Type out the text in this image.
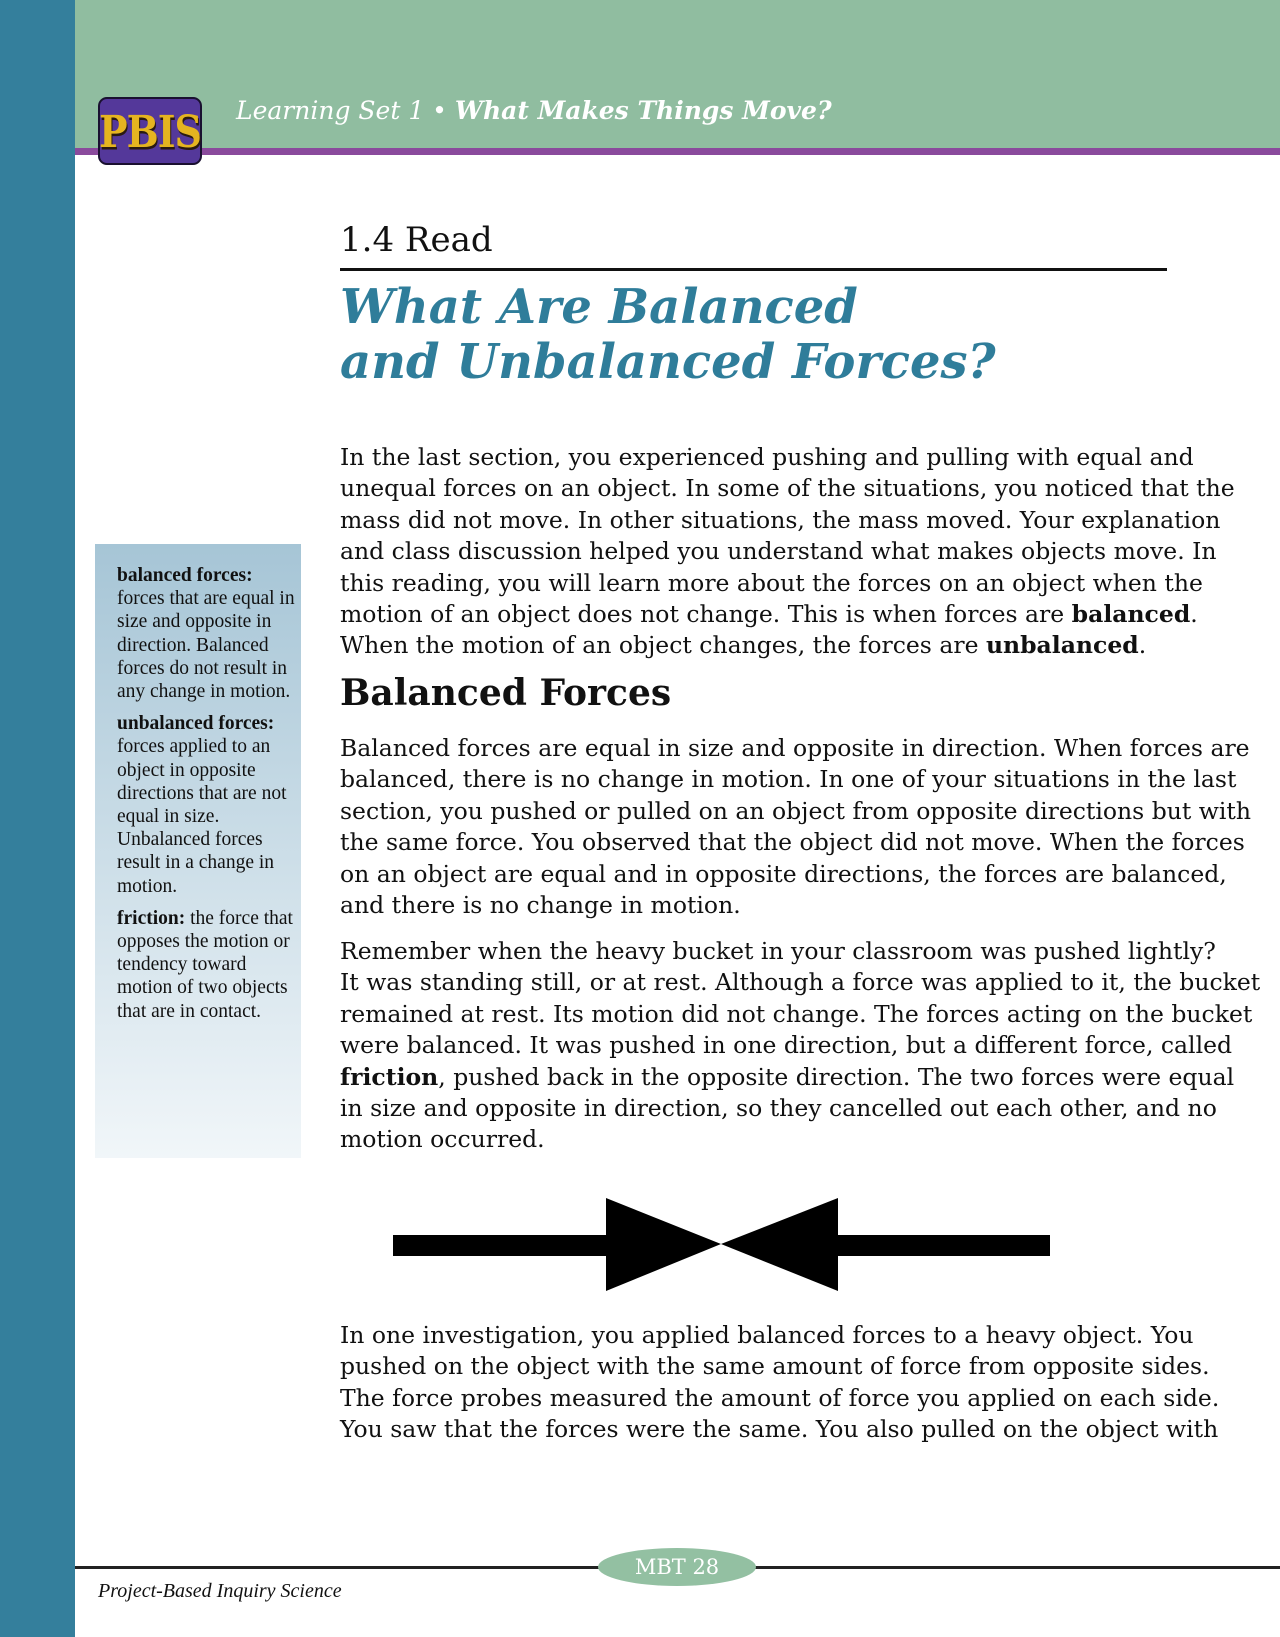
PBIS Learning Set 1 • What Makes Things Move?
1.4 Read
What Are Balanced
and Unbalanced Forces?
In the last section, you experienced pushing and pulling with equal and
unequal forces on an object. In some of the situations, you noticed that the
mass did not move. In other situations, the mass moved. Your explanation
and class discussion helped you understand what makes objects move. In
this reading, you will learn more about the forces on an object when the
motion of an object does not change. This is when forces are balanced.
When the motion of an object changes, the forces are unbalanced.
Balanced Forces
Balanced forces are equal in size and opposite in direction. When forces are
balanced, there is no change in motion. In one of your situations in the last
section, you pushed or pulled on an object from opposite directions but with
the same force. You observed that the object did not move. When the forces
on an object are equal and in opposite directions, the forces are balanced,
and there is no change in motion.
Remember when the heavy bucket in your classroom was pushed lightly?
It was standing still, or at rest. Although a force was applied to it, the bucket
remained at rest. Its motion did not change. The forces acting on the bucket
were balanced. It was pushed in one direction, but a different force, called
friction, pushed back in the opposite direction. The two forces were equal
in size and opposite in direction, so they cancelled out each other, and no
motion occurred.
In one investigation, you applied balanced forces to a heavy object. You
pushed on the object with the same amount of force from opposite sides.
The force probes measured the amount of force you applied on each side.
You saw that the forces were the same. You also pulled on the object with
balanced forces: forces that are equal in size and opposite in direction. Balanced forces do not result in any change in motion.
unbalanced forces: forces applied to an object in opposite directions that are not equal in size. Unbalanced forces result in a change in motion.
friction: the force that opposes the motion or tendency toward motion of two objects that are in contact.
MBT 28
Project-Based Inquiry Science
